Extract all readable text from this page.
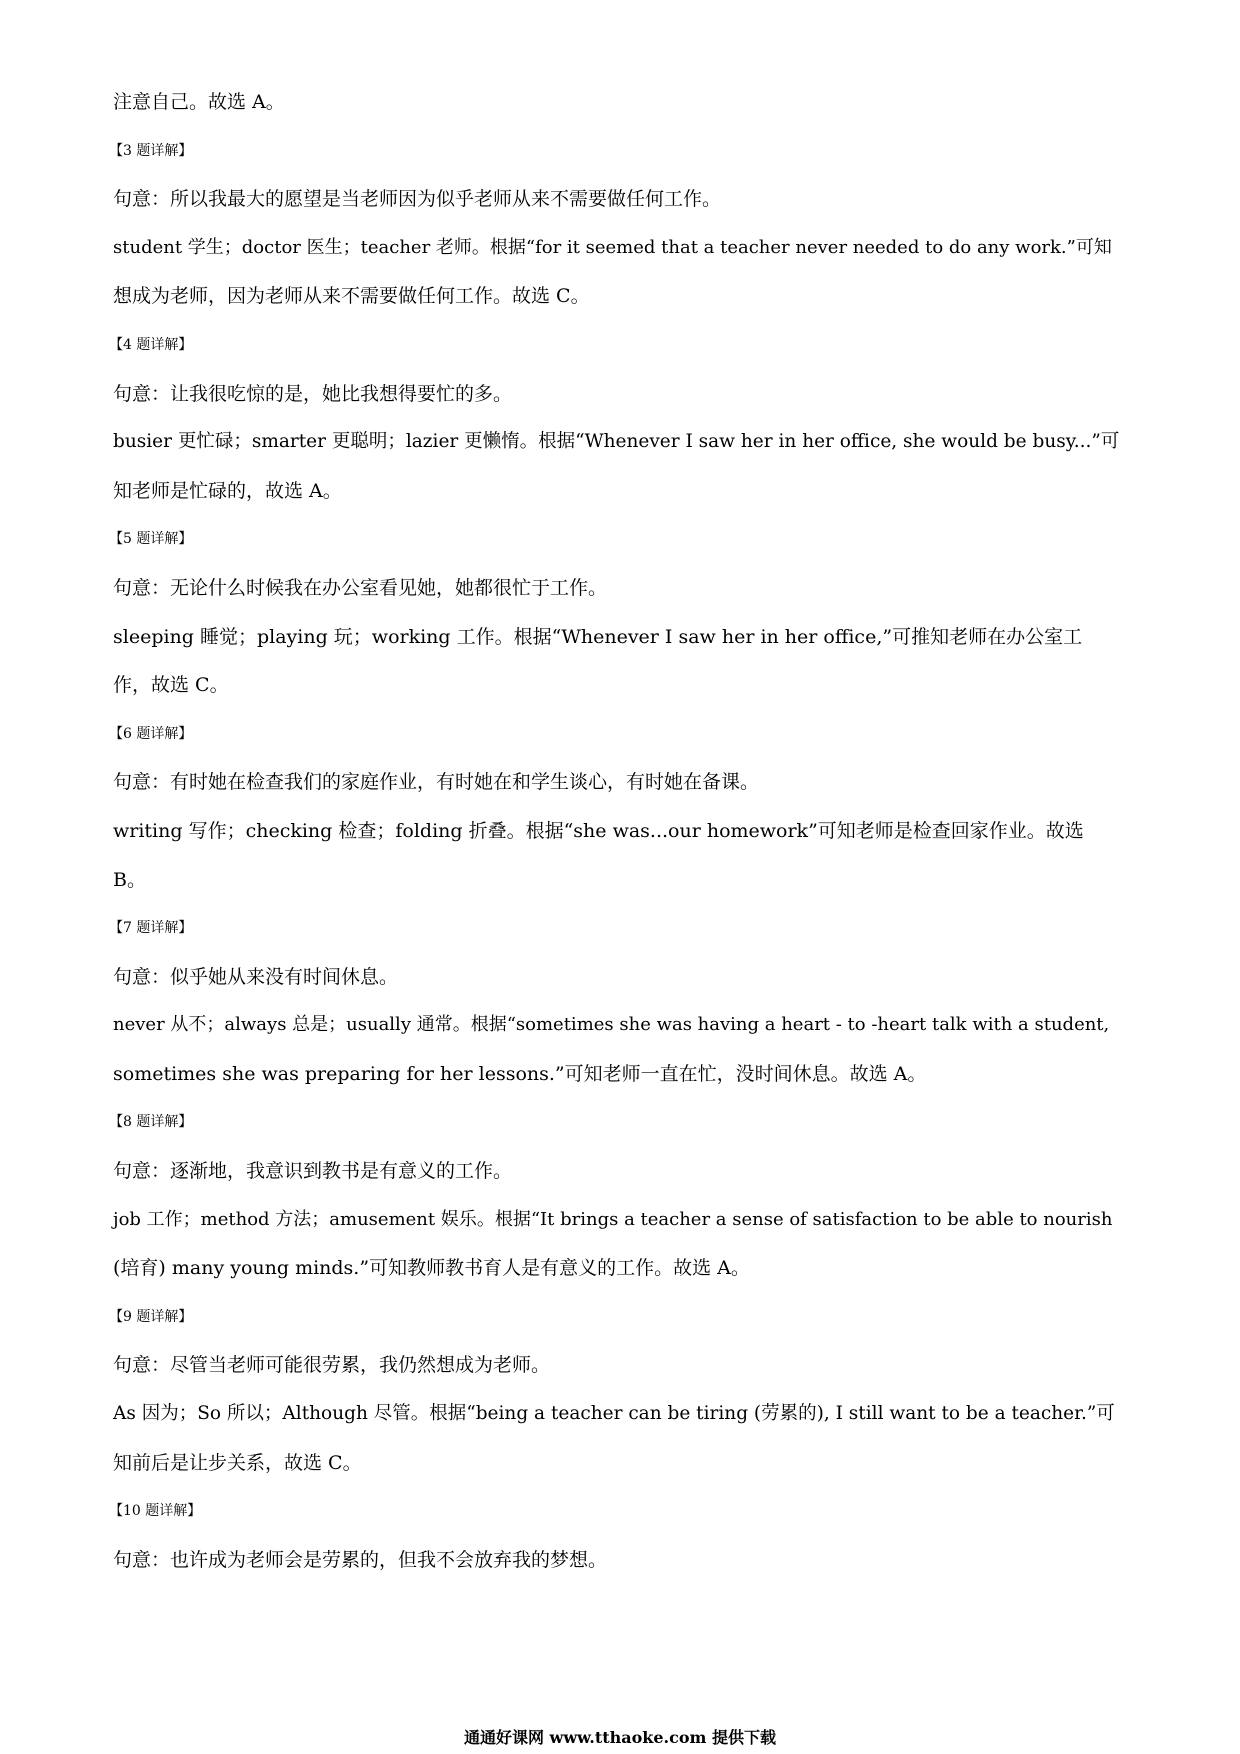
注意自己。故选 A。
【3 题详解】
句意：所以我最大的愿望是当老师因为似乎老师从来不需要做任何工作。
student 学生；doctor 医生；teacher 老师。根据“for it seemed that a teacher never needed to do any work.”可知
想成为老师，因为老师从来不需要做任何工作。故选 C。
【4 题详解】
句意：让我很吃惊的是，她比我想得要忙的多。
busier 更忙碌；smarter 更聪明；lazier 更懒惰。根据“Whenever I saw her in her office, she would be busy...”可
知老师是忙碌的，故选 A。
【5 题详解】
句意：无论什么时候我在办公室看见她，她都很忙于工作。
sleeping 睡觉；playing 玩；working 工作。根据“Whenever I saw her in her office,”可推知老师在办公室工
作，故选 C。
【6 题详解】
句意：有时她在检查我们的家庭作业，有时她在和学生谈心，有时她在备课。
writing 写作；checking 检查；folding 折叠。根据“she was...our homework”可知老师是检查回家作业。故选
B。
【7 题详解】
句意：似乎她从来没有时间休息。
never 从不；always 总是；usually 通常。根据“sometimes she was having a heart - to -heart talk with a student,
sometimes she was preparing for her lessons.”可知老师一直在忙，没时间休息。故选 A。
【8 题详解】
句意：逐渐地，我意识到教书是有意义的工作。
job 工作；method 方法；amusement 娱乐。根据“It brings a teacher a sense of satisfaction to be able to nourish
(培育) many young minds.”可知教师教书育人是有意义的工作。故选 A。
【9 题详解】
句意：尽管当老师可能很劳累，我仍然想成为老师。
As 因为；So 所以；Although 尽管。根据“being a teacher can be tiring (劳累的), I still want to be a teacher.”可
知前后是让步关系，故选 C。
【10 题详解】
句意：也许成为老师会是劳累的，但我不会放弃我的梦想。
通通好课网 www.tthaoke.com 提供下载
